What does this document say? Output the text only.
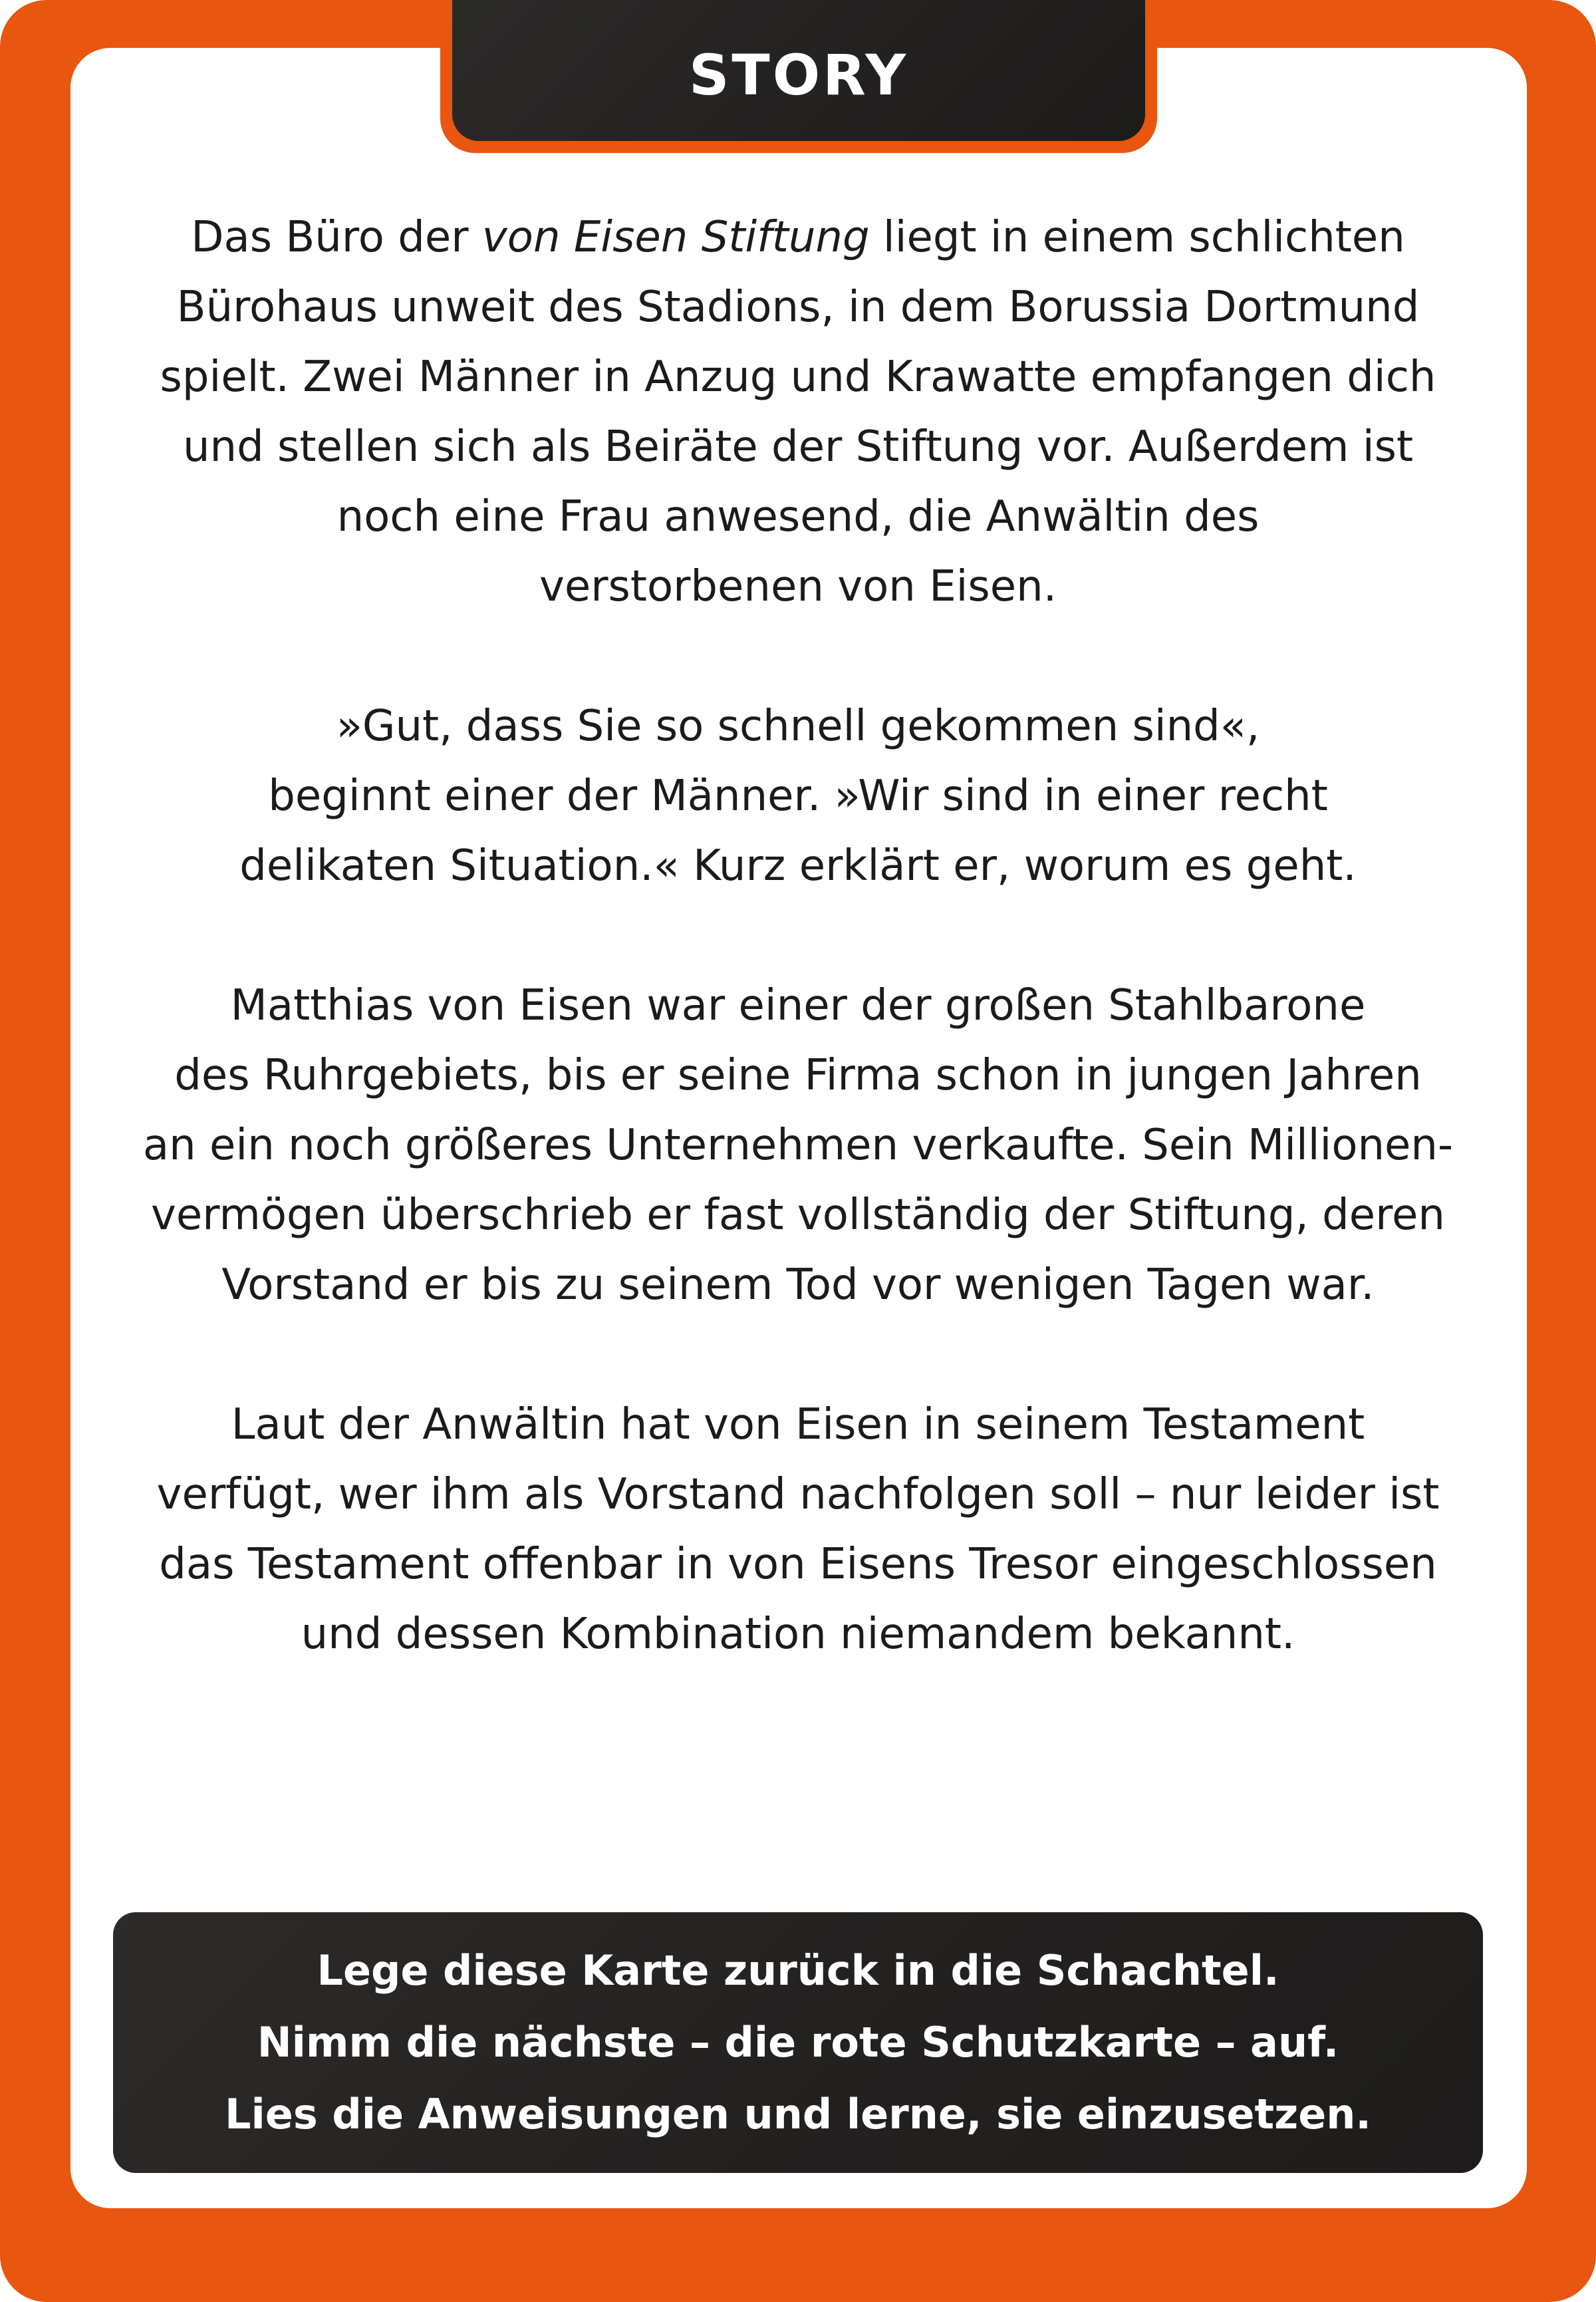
STORY

Das Büro der von Eisen Stiftung liegt in einem schlichten
Bürohaus unweit des Stadions, in dem Borussia Dortmund
spielt. Zwei Männer in Anzug und Krawatte empfangen dich
und stellen sich als Beiräte der Stiftung vor. Außerdem ist
noch eine Frau anwesend, die Anwältin des
verstorbenen von Eisen.

»Gut, dass Sie so schnell gekommen sind«,
beginnt einer der Männer. »Wir sind in einer recht
delikaten Situation.« Kurz erklärt er, worum es geht.

Matthias von Eisen war einer der großen Stahlbarone
des Ruhrgebiets, bis er seine Firma schon in jungen Jahren
an ein noch größeres Unternehmen verkaufte. Sein Millionen-
vermögen überschrieb er fast vollständig der Stiftung, deren
Vorstand er bis zu seinem Tod vor wenigen Tagen war.

Laut der Anwältin hat von Eisen in seinem Testament
verfügt, wer ihm als Vorstand nachfolgen soll – nur leider ist
das Testament offenbar in von Eisens Tresor eingeschlossen
und dessen Kombination niemandem bekannt.

Lege diese Karte zurück in die Schachtel.
Nimm die nächste – die rote Schutzkarte – auf.
Lies die Anweisungen und lerne, sie einzusetzen.
